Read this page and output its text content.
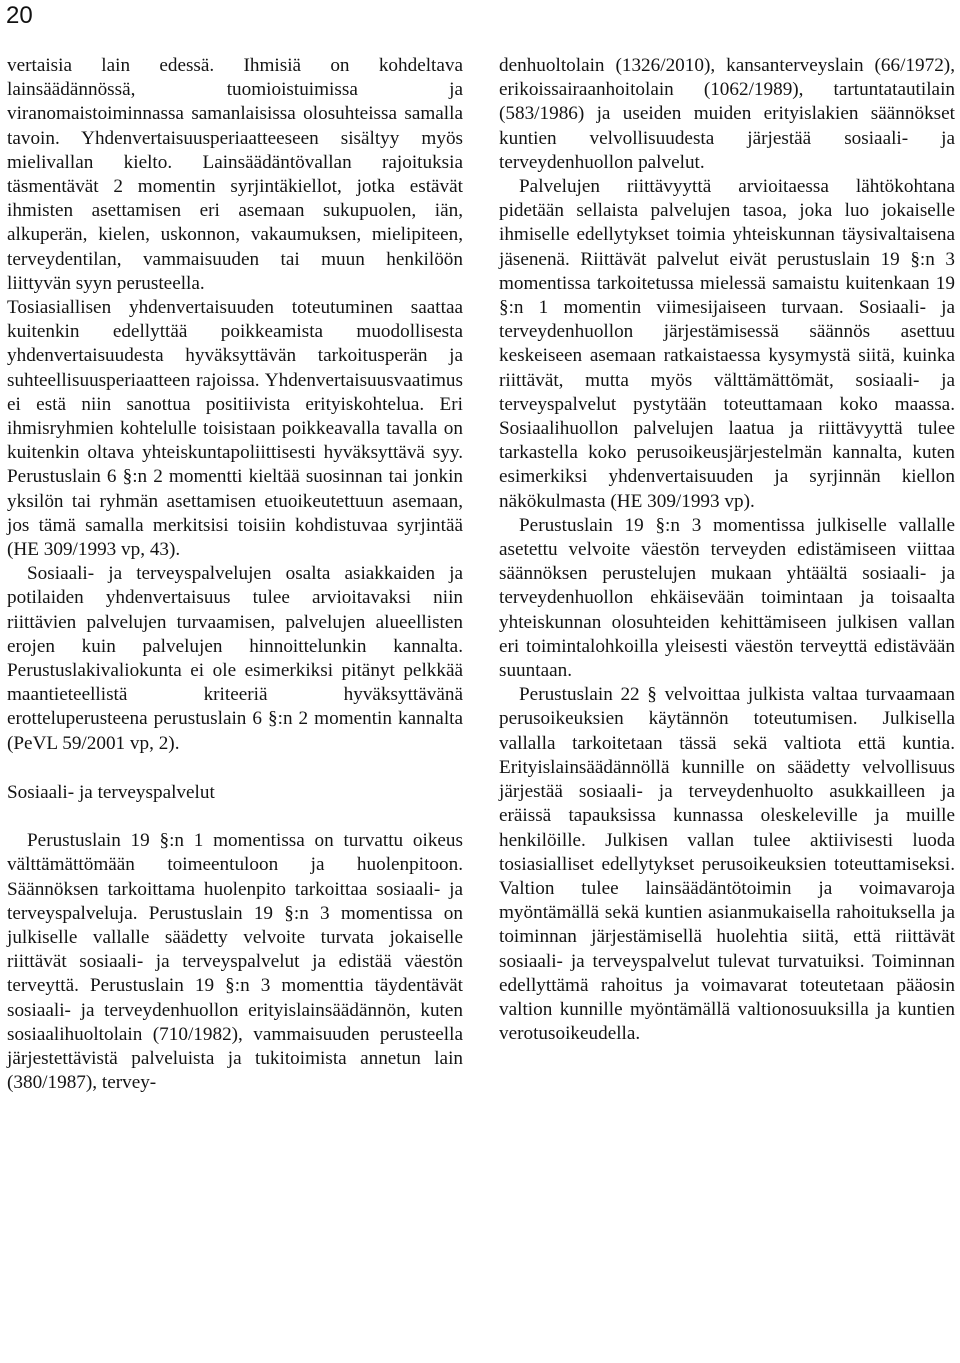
20

vertaisia lain edessä. Ihmisiä on kohdeltava lainsäädännössä, tuomioistuimissa ja viranomaistoiminnassa samanlaisissa olosuhteissa samalla tavoin. Yhdenvertaisuusperiaatteeseen sisältyy myös mielivallan kielto. Lainsäädäntövallan rajoituksia täsmentävät 2 momentin syrjintäkiellot, jotka estävät ihmisten asettamisen eri asemaan sukupuolen, iän, alkuperän, kielen, uskonnon, vakaumuksen, mielipiteen, terveydentilan, vammaisuuden tai muun henkilöön liittyvän syyn perusteella.

Tosiasiallisen yhdenvertaisuuden toteutuminen saattaa kuitenkin edellyttää poikkeamista muodollisesta yhdenvertaisuudesta hyväksyttävän tarkoitusperän ja suhteellisuusperiaatteen rajoissa. Yhdenvertaisuusvaatimus ei estä niin sanottua positiivista erityiskohtelua. Eri ihmisryhmien kohtelulle toisistaan poikkeavalla tavalla on kuitenkin oltava yhteiskuntapoliittisesti hyväksyttävä syy. Perustuslain 6 §:n 2 momentti kieltää suosinnan tai jonkin yksilön tai ryhmän asettamisen etuoikeutettuun asemaan, jos tämä samalla merkitsisi toisiin kohdistuvaa syrjintää (HE 309/1993 vp, 43).

Sosiaali- ja terveyspalvelujen osalta asiakkaiden ja potilaiden yhdenvertaisuus tulee arvioitavaksi niin riittävien palvelujen turvaamisen, palvelujen alueellisten erojen kuin palvelujen hinnoittelunkin kannalta. Perustuslakivaliokunta ei ole esimerkiksi pitänyt pelkkää maantieteellistä kriteeriä hyväksyttävänä erotteluperusteena perustuslain 6 §:n 2 momentin kannalta (PeVL 59/2001 vp, 2).

Sosiaali- ja terveyspalvelut

Perustuslain 19 §:n 1 momentissa on turvattu oikeus välttämättömään toimeentuloon ja huolenpitoon. Säännöksen tarkoittama huolenpito tarkoittaa sosiaali- ja terveyspalveluja. Perustuslain 19 §:n 3 momentissa on julkiselle vallalle säädetty velvoite turvata jokaiselle riittävät sosiaali- ja terveyspalvelut ja edistää väestön terveyttä. Perustuslain 19 §:n 3 momenttia täydentävät sosiaali- ja terveydenhuollon erityislainsäädännön, kuten sosiaalihuoltolain (710/1982), vammaisuuden perusteella järjestettävistä palveluista ja tukitoimista annetun lain (380/1987), tervey-

denhuoltolain (1326/2010), kansanterveyslain (66/1972), erikoissairaanhoitolain (1062/1989), tartuntatautilain (583/1986) ja useiden muiden erityislakien säännökset kuntien velvollisuudesta järjestää sosiaali- ja terveydenhuollon palvelut.

Palvelujen riittävyyttä arvioitaessa lähtökohtana pidetään sellaista palvelujen tasoa, joka luo jokaiselle ihmiselle edellytykset toimia yhteiskunnan täysivaltaisena jäsenenä. Riittävät palvelut eivät perustuslain 19 §:n 3 momentissa tarkoitetussa mielessä samaistu kuitenkaan 19 §:n 1 momentin viimesijaiseen turvaan. Sosiaali- ja terveydenhuollon järjestämisessä säännös asettuu keskeiseen asemaan ratkaistaessa kysymystä siitä, kuinka riittävät, mutta myös välttämättömät, sosiaali- ja terveyspalvelut pystytään toteuttamaan koko maassa. Sosiaalihuollon palvelujen laatua ja riittävyyttä tulee tarkastella koko perusoikeusjärjestelmän kannalta, kuten esimerkiksi yhdenvertaisuuden ja syrjinnän kiellon näkökulmasta (HE 309/1993 vp).

Perustuslain 19 §:n 3 momentissa julkiselle vallalle asetettu velvoite väestön terveyden edistämiseen viittaa säännöksen perustelujen mukaan yhtäältä sosiaali- ja terveydenhuollon ehkäisevään toimintaan ja toisaalta yhteiskunnan olosuhteiden kehittämiseen julkisen vallan eri toimintalohkoilla yleisesti väestön terveyttä edistävään suuntaan.

Perustuslain 22 § velvoittaa julkista valtaa turvaamaan perusoikeuksien käytännön toteutumisen. Julkisella vallalla tarkoitetaan tässä sekä valtiota että kuntia. Erityislainsäädännöllä kunnille on säädetty velvollisuus järjestää sosiaali- ja terveydenhuolto asukkailleen ja eräissä tapauksissa kunnassa oleskeleville ja muille henkilöille. Julkisen vallan tulee aktiivisesti luoda tosiasialliset edellytykset perusoikeuksien toteuttamiseksi. Valtion tulee lainsäädäntötoimin ja voimavaroja myöntämällä sekä kuntien asianmukaisella rahoituksella ja toiminnan järjestämisellä huolehtia siitä, että riittävät sosiaali- ja terveyspalvelut tulevat turvatuiksi. Toiminnan edellyttämä rahoitus ja voimavarat toteutetaan pääosin valtion kunnille myöntämällä valtionosuuksilla ja kuntien verotusoikeudella.
